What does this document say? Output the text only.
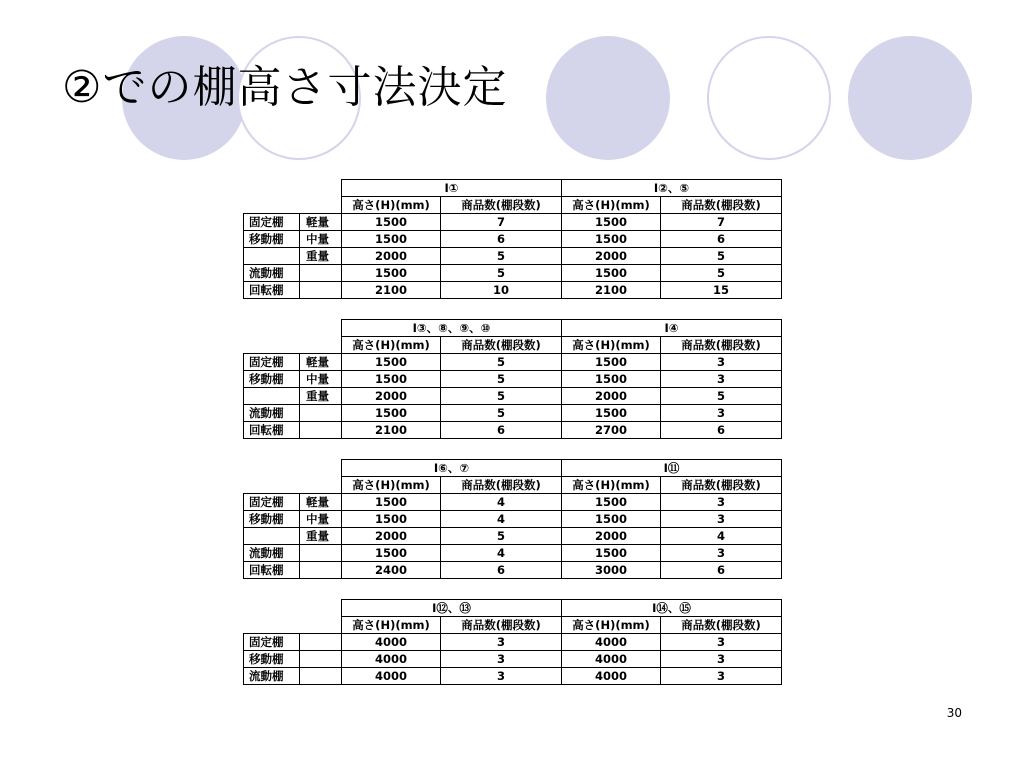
②での棚高さ寸法決定
		I①		I②、⑤	
		高さ(H)(mm)	商品数(棚段数)	高さ(H)(mm)	商品数(棚段数)
固定棚	軽量	1500	7	1500	7
移動棚	中量	1500	6	1500	6
	重量	2000	5	2000	5
流動棚		1500	5	1500	5
回転棚		2100	10	2100	15
		I③、⑧、⑨、⑩		I④	
		高さ(H)(mm)	商品数(棚段数)	高さ(H)(mm)	商品数(棚段数)
固定棚	軽量	1500	5	1500	3
移動棚	中量	1500	5	1500	3
	重量	2000	5	2000	5
流動棚		1500	5	1500	3
回転棚		2100	6	2700	6
		I⑥、⑦		I⑪	
		高さ(H)(mm)	商品数(棚段数)	高さ(H)(mm)	商品数(棚段数)
固定棚	軽量	1500	4	1500	3
移動棚	中量	1500	4	1500	3
	重量	2000	5	2000	4
流動棚		1500	4	1500	3
回転棚		2400	6	3000	6
		I⑫、⑬		I⑭、⑮	
		高さ(H)(mm)	商品数(棚段数)	高さ(H)(mm)	商品数(棚段数)
固定棚		4000	3	4000	3
移動棚		4000	3	4000	3
流動棚		4000	3	4000	3
30
